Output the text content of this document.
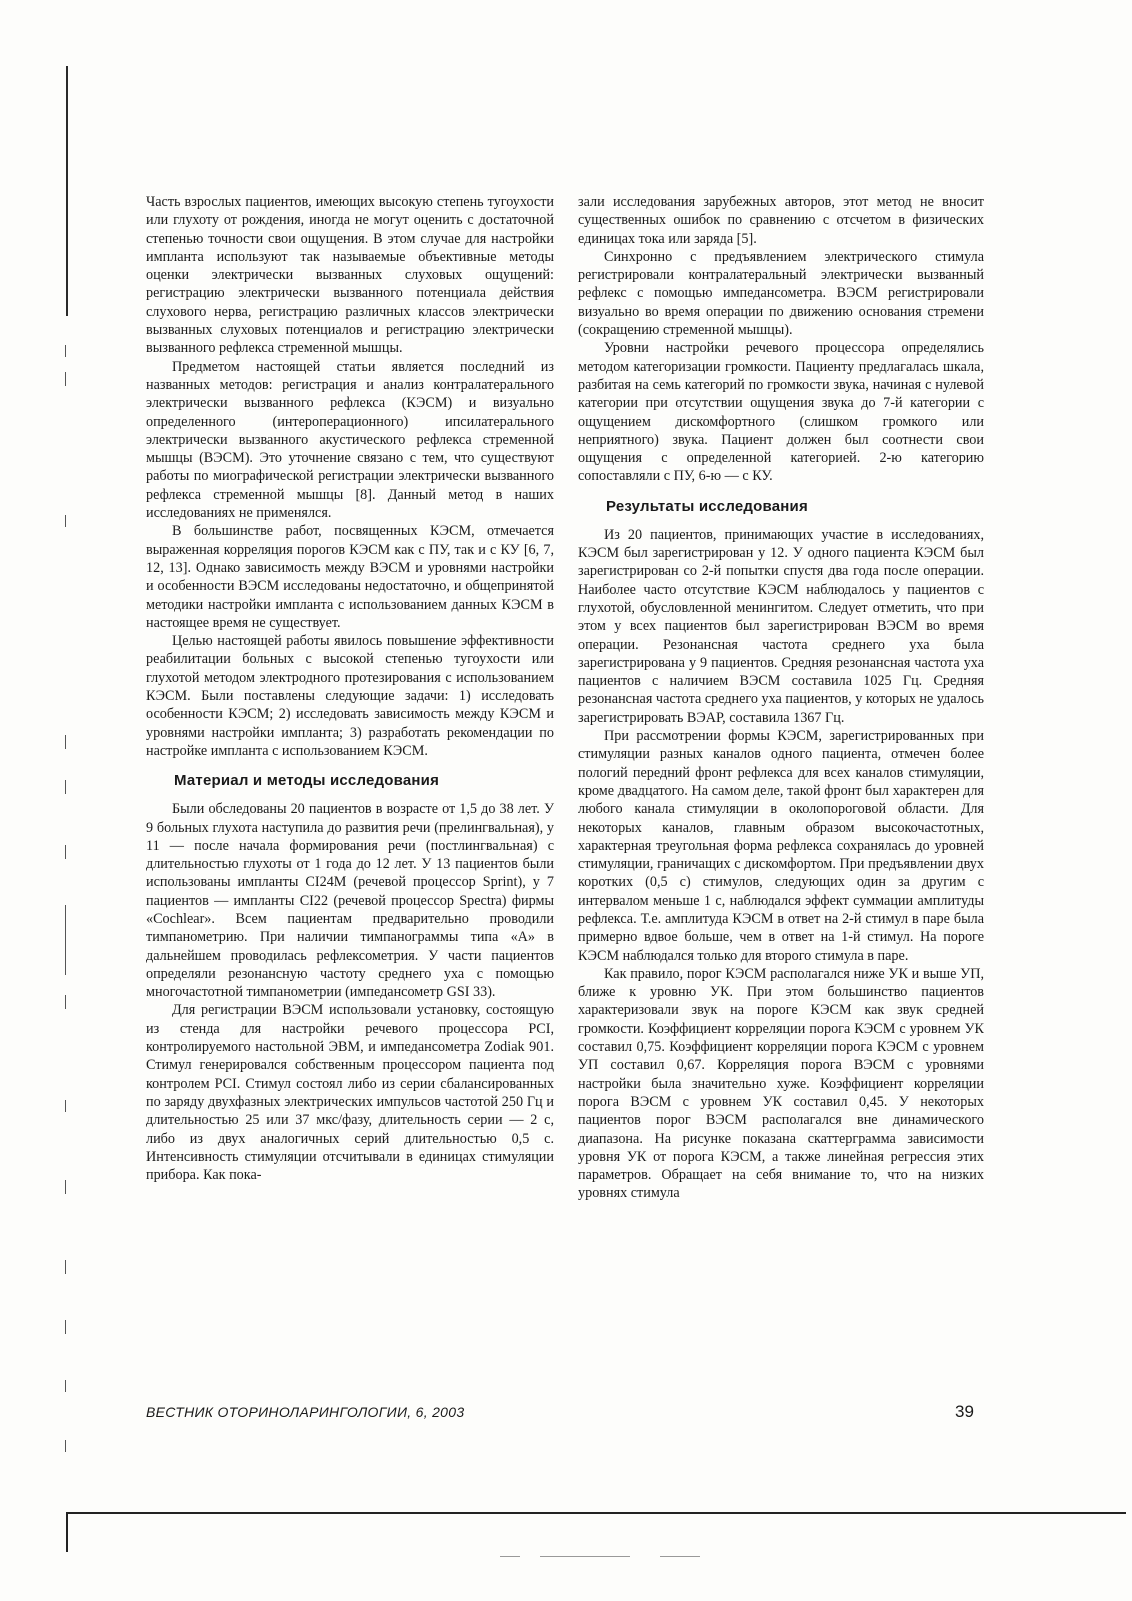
Часть взрослых пациентов, имеющих высокую степень тугоухости или глухоту от рождения, иногда не могут оценить с достаточной степенью точности свои ощущения. В этом случае для настройки импланта используют так называемые объективные методы оценки электрически вызванных слуховых ощущений: регистрацию электрически вызванного потенциала действия слухового нерва, регистрацию различных классов электрически вызванных слуховых потенциалов и регистрацию электрически вызванного рефлекса стременной мышцы.

Предметом настоящей статьи является последний из названных методов: регистрация и анализ контралатерального электрически вызванного рефлекса (КЭСМ) и визуально определенного (интероперационного) ипсилатерального электрически вызванного акустического рефлекса стременной мышцы (ВЭСМ). Это уточнение связано с тем, что существуют работы по миографической регистрации электрически вызванного рефлекса стременной мышцы [8]. Данный метод в наших исследованиях не применялся.

В большинстве работ, посвященных КЭСМ, отмечается выраженная корреляция порогов КЭСМ как с ПУ, так и с КУ [6, 7, 12, 13]. Однако зависимость между ВЭСМ и уровнями настройки и особенности ВЭСМ исследованы недостаточно, и общепринятой методики настройки импланта с использованием данных КЭСМ в настоящее время не существует.

Целью настоящей работы явилось повышение эффективности реабилитации больных с высокой степенью тугоухости или глухотой методом электродного протезирования с использованием КЭСМ. Были поставлены следующие задачи: 1) исследовать особенности КЭСМ; 2) исследовать зависимость между КЭСМ и уровнями настройки импланта; 3) разработать рекомендации по настройке импланта с использованием КЭСМ.

Материал и методы исследования

Были обследованы 20 пациентов в возрасте от 1,5 до 38 лет. У 9 больных глухота наступила до развития речи (прелингвальная), у 11 — после начала формирования речи (постлингвальная) с длительностью глухоты от 1 года до 12 лет. У 13 пациентов были использованы импланты CI24M (речевой процессор Sprint), у 7 пациентов — импланты CI22 (речевой процессор Spectra) фирмы «Cochlear». Всем пациентам предварительно проводили тимпанометрию. При наличии тимпанограммы типа «А» в дальнейшем проводилась рефлексометрия. У части пациентов определяли резонансную частоту среднего уха с помощью многочастотной тимпанометрии (импедансометр GSI 33).

Для регистрации ВЭСМ использовали установку, состоящую из стенда для настройки речевого процессора PCI, контролируемого настольной ЭВМ, и импедансометра Zodiak 901. Стимул генерировался собственным процессором пациента под контролем PCI. Стимул состоял либо из серии сбалансированных по заряду двухфазных электрических импульсов частотой 250 Гц и длительностью 25 или 37 мкс/фазу, длительность серии — 2 с, либо из двух аналогичных серий длительностью 0,5 с. Интенсивность стимуляции отсчитывали в единицах стимуляции прибора. Как пока-

зали исследования зарубежных авторов, этот метод не вносит существенных ошибок по сравнению с отсчетом в физических единицах тока или заряда [5].

Синхронно с предъявлением электрического стимула регистрировали контралатеральный электрически вызванный рефлекс с помощью импедансометра. ВЭСМ регистрировали визуально во время операции по движению основания стремени (сокращению стременной мышцы).

Уровни настройки речевого процессора определялись методом категоризации громкости. Пациенту предлагалась шкала, разбитая на семь категорий по громкости звука, начиная с нулевой категории при отсутствии ощущения звука до 7-й категории с ощущением дискомфортного (слишком громкого или неприятного) звука. Пациент должен был соотнести свои ощущения с определенной категорией. 2-ю категорию сопоставляли с ПУ, 6-ю — с КУ.

Результаты исследования

Из 20 пациентов, принимающих участие в исследованиях, КЭСМ был зарегистрирован у 12. У одного пациента КЭСМ был зарегистрирован со 2-й попытки спустя два года после операции. Наиболее часто отсутствие КЭСМ наблюдалось у пациентов с глухотой, обусловленной менингитом. Следует отметить, что при этом у всех пациентов был зарегистрирован ВЭСМ во время операции. Резонансная частота среднего уха была зарегистрирована у 9 пациентов. Средняя резонансная частота уха пациентов с наличием ВЭСМ составила 1025 Гц. Средняя резонансная частота среднего уха пациентов, у которых не удалось зарегистрировать ВЭАР, составила 1367 Гц.

При рассмотрении формы КЭСМ, зарегистрированных при стимуляции разных каналов одного пациента, отмечен более пологий передний фронт рефлекса для всех каналов стимуляции, кроме двадцатого. На самом деле, такой фронт был характерен для любого канала стимуляции в околопороговой области. Для некоторых каналов, главным образом высокочастотных, характерная треугольная форма рефлекса сохранялась до уровней стимуляции, граничащих с дискомфортом. При предъявлении двух коротких (0,5 с) стимулов, следующих один за другим с интервалом меньше 1 с, наблюдался эффект суммации амплитуды рефлекса. Т.е. амплитуда КЭСМ в ответ на 2-й стимул в паре была примерно вдвое больше, чем в ответ на 1-й стимул. На пороге КЭСМ наблюдался только для второго стимула в паре.

Как правило, порог КЭСМ располагался ниже УК и выше УП, ближе к уровню УК. При этом большинство пациентов характеризовали звук на пороге КЭСМ как звук средней громкости. Коэффициент корреляции порога КЭСМ с уровнем УК составил 0,75. Коэффициент корреляции порога КЭСМ с уровнем УП составил 0,67. Корреляция порога ВЭСМ с уровнями настройки была значительно хуже. Коэффициент корреляции порога ВЭСМ с уровнем УК составил 0,45. У некоторых пациентов порог ВЭСМ располагался вне динамического диапазона. На рисунке показана скаттерграмма зависимости уровня УК от порога КЭСМ, а также линейная регрессия этих параметров. Обращает на себя внимание то, что на низких уровнях стимула

ВЕСТНИК ОТОРИНОЛАРИНГОЛОГИИ, 6, 2003	39
